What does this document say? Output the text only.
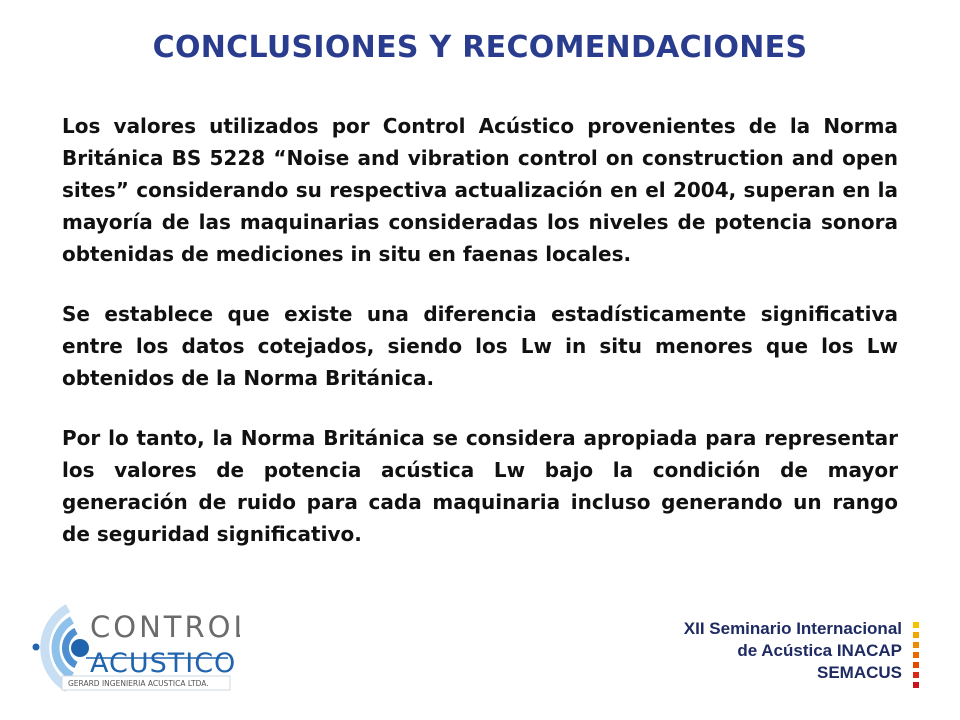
CONCLUSIONES Y RECOMENDACIONES

Los valores utilizados por Control Acústico provenientes de la Norma Británica BS 5228 “Noise and vibration control on construction and open sites” considerando su respectiva actualización en el 2004, superan en la mayoría de las maquinarias consideradas los niveles de potencia sonora obtenidas de mediciones in situ en faenas locales.

Se establece que existe una diferencia estadísticamente significativa entre los datos cotejados, siendo los Lw in situ menores que los Lw obtenidos de la Norma Británica.

Por lo tanto, la Norma Británica se considera apropiada para representar los valores de potencia acústica Lw bajo la condición de mayor generación de ruido para cada maquinaria incluso generando un rango de seguridad significativo.

CONTROL
ACUSTICO
GERARD INGENIERIA ACUSTICA LTDA.
XII Seminario Internacional
de Acústica INACAP
SEMACUS
